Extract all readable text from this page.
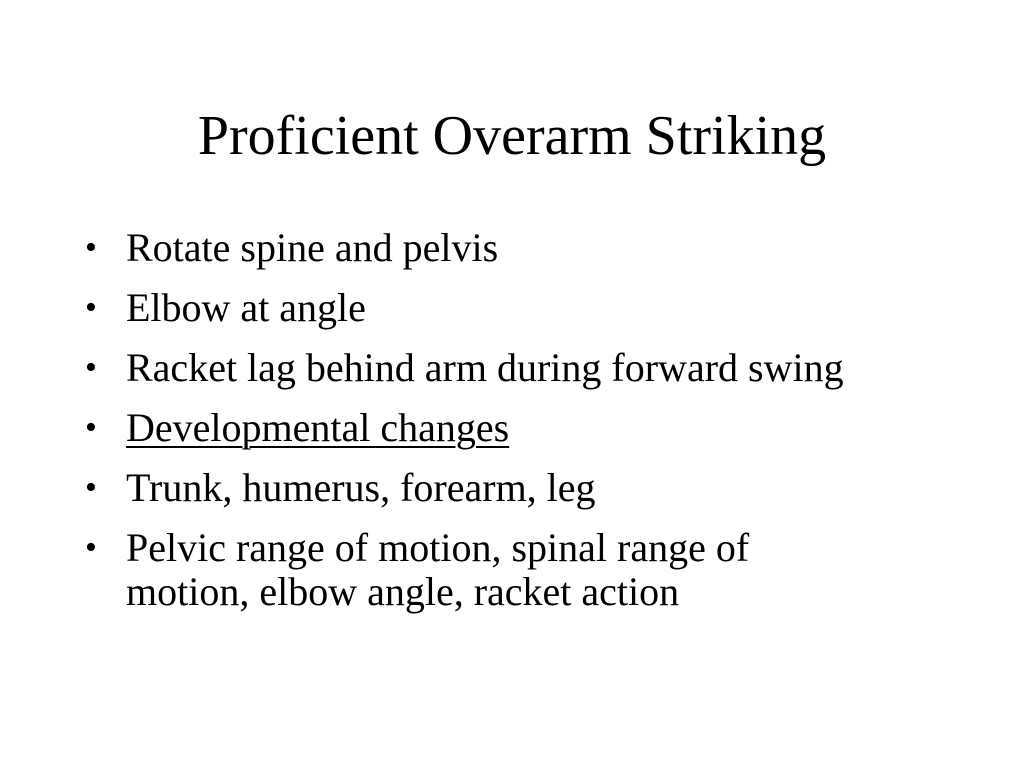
Proficient Overarm Striking
• Rotate spine and pelvis
• Elbow at angle
• Racket lag behind arm during forward swing
• Developmental changes
• Trunk, humerus, forearm, leg
• Pelvic range of motion, spinal range of motion, elbow angle, racket action
